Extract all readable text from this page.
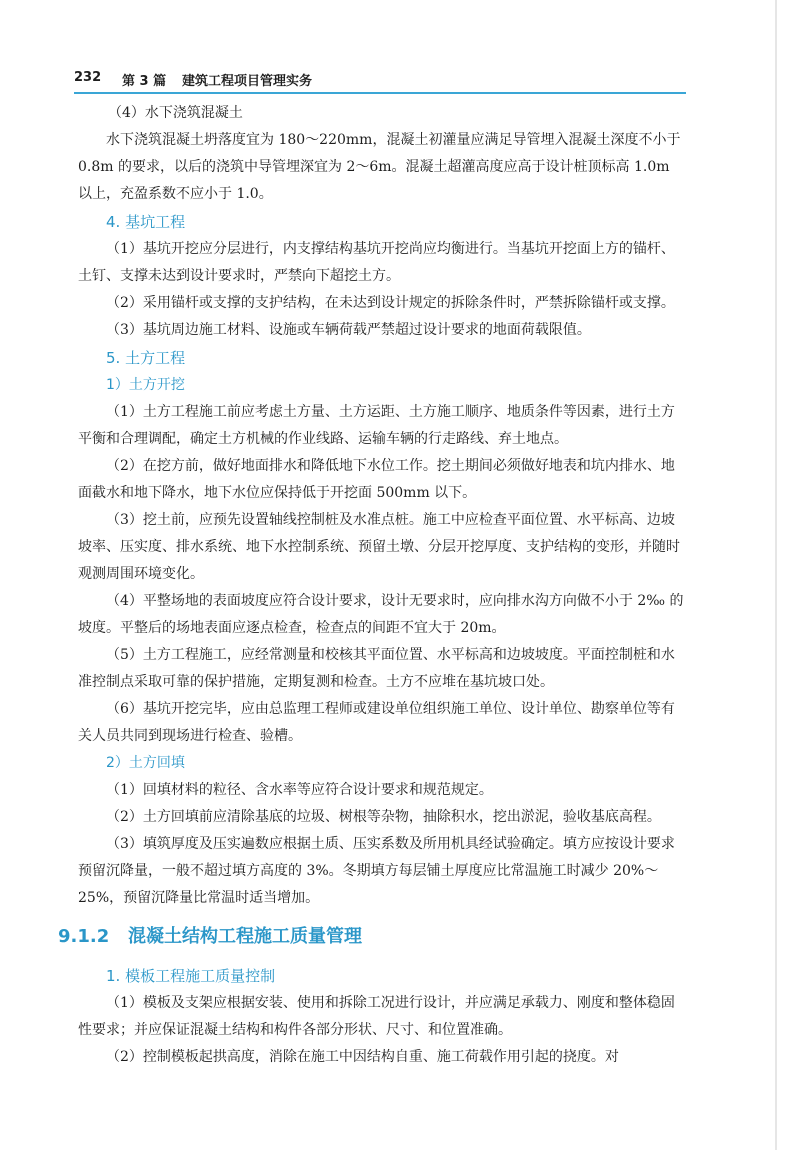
232 第 3 篇 建筑工程项目管理实务

（4）水下浇筑混凝土

水下浇筑混凝土坍落度宜为 180～220mm，混凝土初灌量应满足导管埋入混凝土深度不小于 0.8m 的要求，以后的浇筑中导管埋深宜为 2～6m。混凝土超灌高度应高于设计桩顶标高 1.0m 以上，充盈系数不应小于 1.0。

4. 基坑工程

（1）基坑开挖应分层进行，内支撑结构基坑开挖尚应均衡进行。当基坑开挖面上方的锚杆、土钉、支撑未达到设计要求时，严禁向下超挖土方。

（2）采用锚杆或支撑的支护结构，在未达到设计规定的拆除条件时，严禁拆除锚杆或支撑。

（3）基坑周边施工材料、设施或车辆荷载严禁超过设计要求的地面荷载限值。

5. 土方工程
1）土方开挖

（1）土方工程施工前应考虑土方量、土方运距、土方施工顺序、地质条件等因素，进行土方平衡和合理调配，确定土方机械的作业线路、运输车辆的行走路线、弃土地点。

（2）在挖方前，做好地面排水和降低地下水位工作。挖土期间必须做好地表和坑内排水、地面截水和地下降水，地下水位应保持低于开挖面 500mm 以下。

（3）挖土前，应预先设置轴线控制桩及水准点桩。施工中应检查平面位置、水平标高、边坡坡率、压实度、排水系统、地下水控制系统、预留土墩、分层开挖厚度、支护结构的变形，并随时观测周围环境变化。

（4）平整场地的表面坡度应符合设计要求，设计无要求时，应向排水沟方向做不小于 2‰ 的坡度。平整后的场地表面应逐点检查，检查点的间距不宜大于 20m。

（5）土方工程施工，应经常测量和校核其平面位置、水平标高和边坡坡度。平面控制桩和水准控制点采取可靠的保护措施，定期复测和检查。土方不应堆在基坑坡口处。

（6）基坑开挖完毕，应由总监理工程师或建设单位组织施工单位、设计单位、勘察单位等有关人员共同到现场进行检查、验槽。

2）土方回填

（1）回填材料的粒径、含水率等应符合设计要求和规范规定。

（2）土方回填前应清除基底的垃圾、树根等杂物，抽除积水，挖出淤泥，验收基底高程。

（3）填筑厚度及压实遍数应根据土质、压实系数及所用机具经试验确定。填方应按设计要求预留沉降量，一般不超过填方高度的 3%。冬期填方每层铺土厚度应比常温施工时减少 20%～25%，预留沉降量比常温时适当增加。

9.1.2 混凝土结构工程施工质量管理
1. 模板工程施工质量控制

（1）模板及支架应根据安装、使用和拆除工况进行设计，并应满足承载力、刚度和整体稳固性要求；并应保证混凝土结构和构件各部分形状、尺寸、和位置准确。

（2）控制模板起拱高度，消除在施工中因结构自重、施工荷载作用引起的挠度。对
